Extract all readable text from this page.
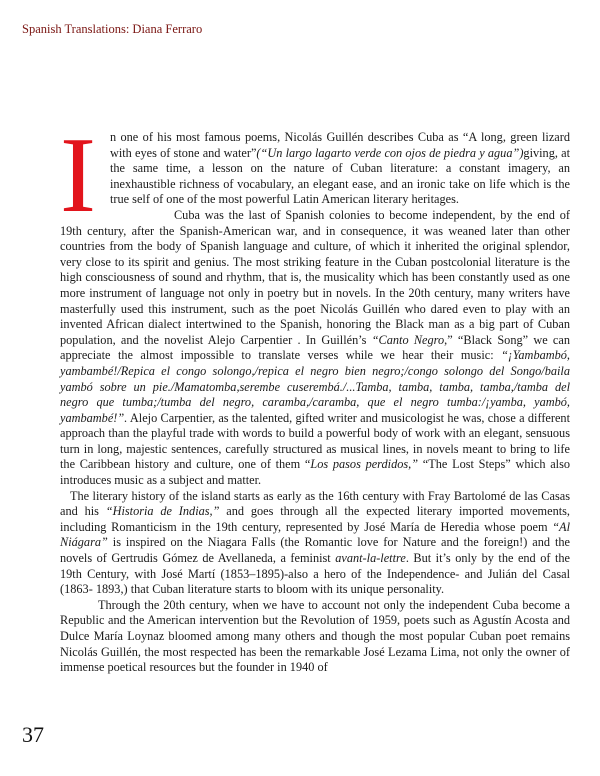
Spanish Translations: Diana Ferraro
I	n one of his most famous poems, Nicolás Guillén describes Cuba as “A long, green lizard with eyes of stone and water”(“Un largo lagarto verde con ojos de piedra y agua”)giving, at the same time, a lesson on the nature of Cuban literature: a constant imagery, an inexhaustible richness of vocabulary, an elegant ease, and an ironic take on life which is the true self of one of the most powerful Latin American literary heritages.

Cuba was the last of Spanish colonies to become independent, by the end of 19th century, after the Spanish-American war, and in consequence, it was weaned later than other countries from the body of Spanish language and culture, of which it inherited the original splendor, very close to its spirit and genius. The most striking feature in the Cuban postcolonial literature is the high consciousness of sound and rhythm, that is, the musicality which has been constantly used as one more instrument of language not only in poetry but in novels. In the 20th century, many writers have masterfully used this instrument, such as the poet Nicolás Guillén who dared even to play with an invented African dialect intertwined to the Spanish, honoring the Black man as a big part of Cuban population, and the novelist Alejo Carpentier . In Guillén’s “Canto Negro,” “Black Song” we can appreciate the almost impossible to translate verses while we hear their music: “¡Yambambó, yambambé!/Repica el congo solongo,/repica el negro bien negro;/congo solongo del Songo/baila yambó sobre un pie./Mamatomba,serembe cuserembá./...Tamba, tamba, tamba, tamba,/tamba del negro que tumba;/tumba del negro, caramba,/caramba, que el negro tumba:/¡yamba, yambó, yambambé!”. Alejo Carpentier, as the talented, gifted writer and musicologist he was, chose a different approach than the playful trade with words to build a powerful body of work with an elegant, sensuous turn in long, majestic sentences, carefully structured as musical lines, in novels meant to bring to life the Caribbean history and culture, one of them “Los pasos perdidos,” “The Lost Steps” which also introduces music as a subject and matter.

The literary history of the island starts as early as the 16th century with Fray Bartolomé de las Casas and his “Historia de Indias,” and goes through all the expected literary imported movements, including Romanticism in the 19th century, represented by José María de Heredia whose poem “Al Niágara” is inspired on the Niagara Falls (the Romantic love for Nature and the foreign!) and the novels of Gertrudis Gómez de Avellaneda, a feminist avant-la-lettre. But it’s only by the end of the 19th Century, with José Martí (1853–1895)-also a hero of the Independence- and Julián del Casal (1863- 1893,) that Cuban literature starts to bloom with its unique personality.

Through the 20th century, when we have to account not only the independent Cuba become a Republic and the American intervention but the Revolution of 1959, poets such as Agustín Acosta and Dulce María Loynaz bloomed among many others and though the most popular Cuban poet remains Nicolás Guillén, the most respected has been the remarkable José Lezama Lima, not only the owner of immense poetical resources but the founder in 1940 of

37
